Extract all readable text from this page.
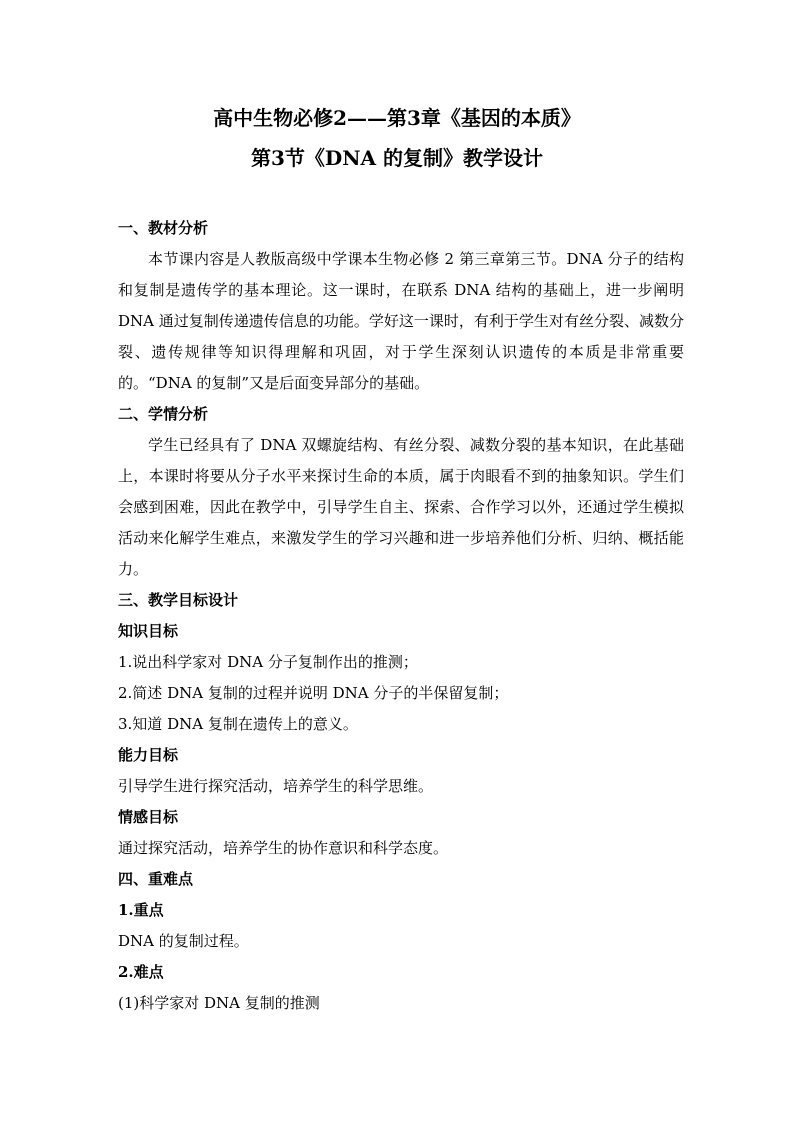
高中生物必修2——第3章《基因的本质》
第3节《DNA 的复制》教学设计
一、教材分析

本节课内容是人教版高级中学课本生物必修 2 第三章第三节。DNA 分子的结构和复制是遗传学的基本理论。这一课时，在联系 DNA 结构的基础上，进一步阐明 DNA 通过复制传递遗传信息的功能。学好这一课时，有利于学生对有丝分裂、减数分裂、遗传规律等知识得理解和巩固，对于学生深刻认识遗传的本质是非常重要的。“DNA 的复制”又是后面变异部分的基础。

二、学情分析

学生已经具有了 DNA 双螺旋结构、有丝分裂、减数分裂的基本知识，在此基础上，本课时将要从分子水平来探讨生命的本质，属于肉眼看不到的抽象知识。学生们会感到困难，因此在教学中，引导学生自主、探索、合作学习以外，还通过学生模拟活动来化解学生难点，来激发学生的学习兴趣和进一步培养他们分析、归纳、概括能力。

三、教学目标设计
知识目标
1.说出科学家对 DNA 分子复制作出的推测；
2.简述 DNA 复制的过程并说明 DNA 分子的半保留复制；
3.知道 DNA 复制在遗传上的意义。
能力目标
引导学生进行探究活动，培养学生的科学思维。
情感目标
通过探究活动，培养学生的协作意识和科学态度。
四、重难点
1.重点
DNA 的复制过程。
2.难点
(1)科学家对 DNA 复制的推测
